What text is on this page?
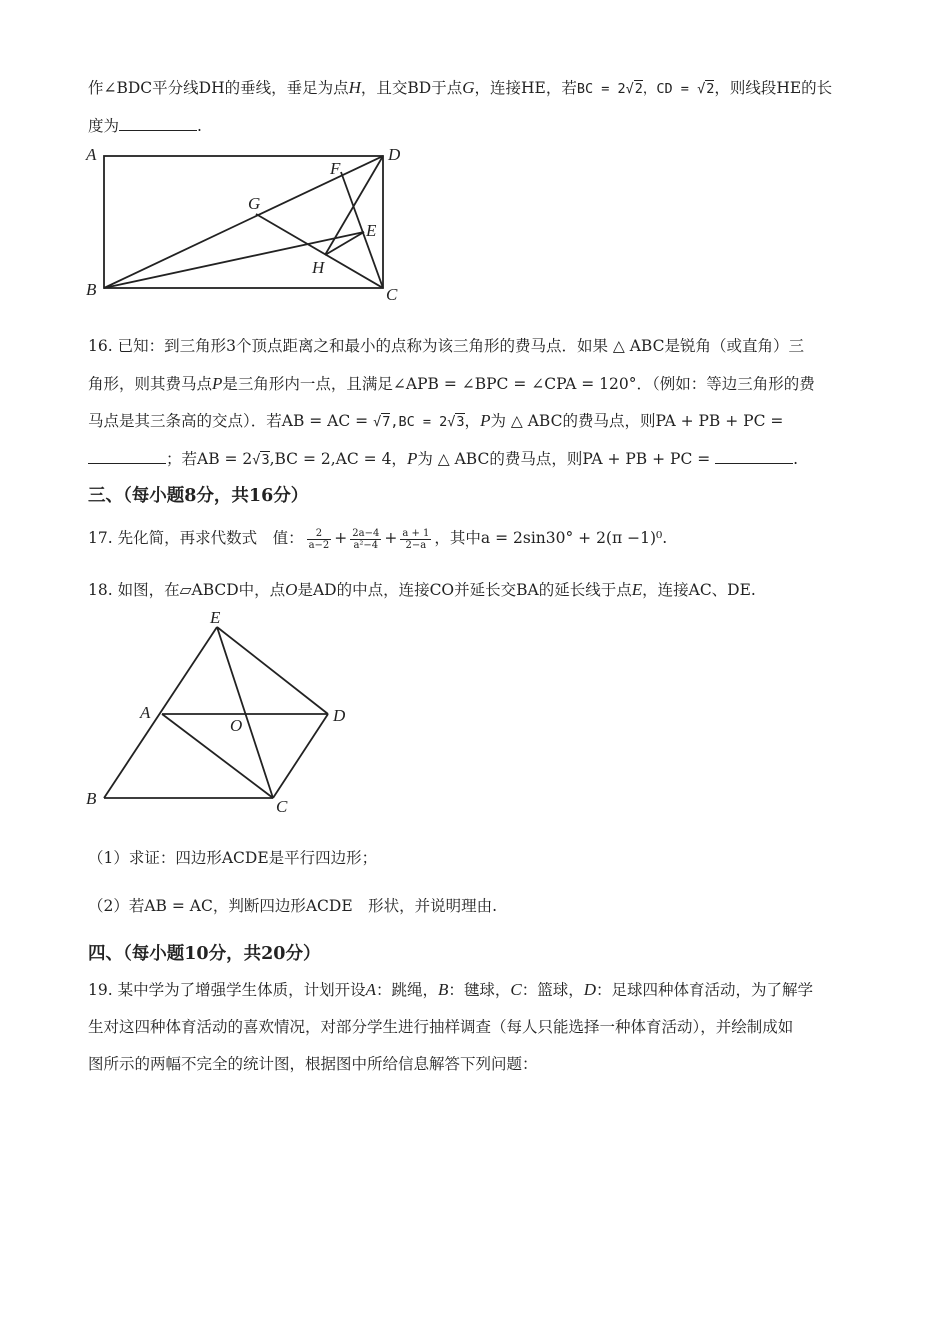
作∠BDC平分线DH的垂线，垂足为点H，且交BD于点G，连接HE，若BC = 2√2，CD = √2，则线段HE的长
度为	.
A	D
F
G
E
H
B	C
16. 已知：到三角形3个顶点距离之和最小的点称为该三角形的费马点．如果 △ ABC是锐角（或直角）三
角形，则其费马点P是三角形内一点，且满足∠APB = ∠BPC = ∠CPA = 120°．（例如：等边三角形的费
马点是其三条高的交点）．若AB = AC = √7,BC = 2√3，P为 △ ABC的费马点，则PA + PB + PC =
；若AB = 2√3,BC = 2,AC = 4，P为 △ ABC的费马点，则PA + PB + PC =	.
三、（每小题8分，共16分）
17. 先化简，再求代数式　值： $\frac{2}{a-2} + \frac{2a-4}{\text{a²−4}} + \frac{a + 1}{2-a}$ ，其中a = 2sin30° + 2(π −1)⁰.
18. 如图，在▱ABCD中，点O是AD的中点，连接CO并延长交BA的延长线于点E，连接AC、DE.
E
A
O
D
B	C
（1）求证：四边形ACDE是平行四边形；
（2）若AB = AC，判断四边形ACDE　形状，并说明理由.
四、（每小题10分，共20分）
19. 某中学为了增强学生体质，计划开设A：跳绳，B：毽球，C：篮球，D：足球四种体育活动，为了解学
生对这四种体育活动的喜欢情况，对部分学生进行抽样调查（每人只能选择一种体育活动），并绘制成如
图所示的两幅不完全的统计图，根据图中所给信息解答下列问题：
